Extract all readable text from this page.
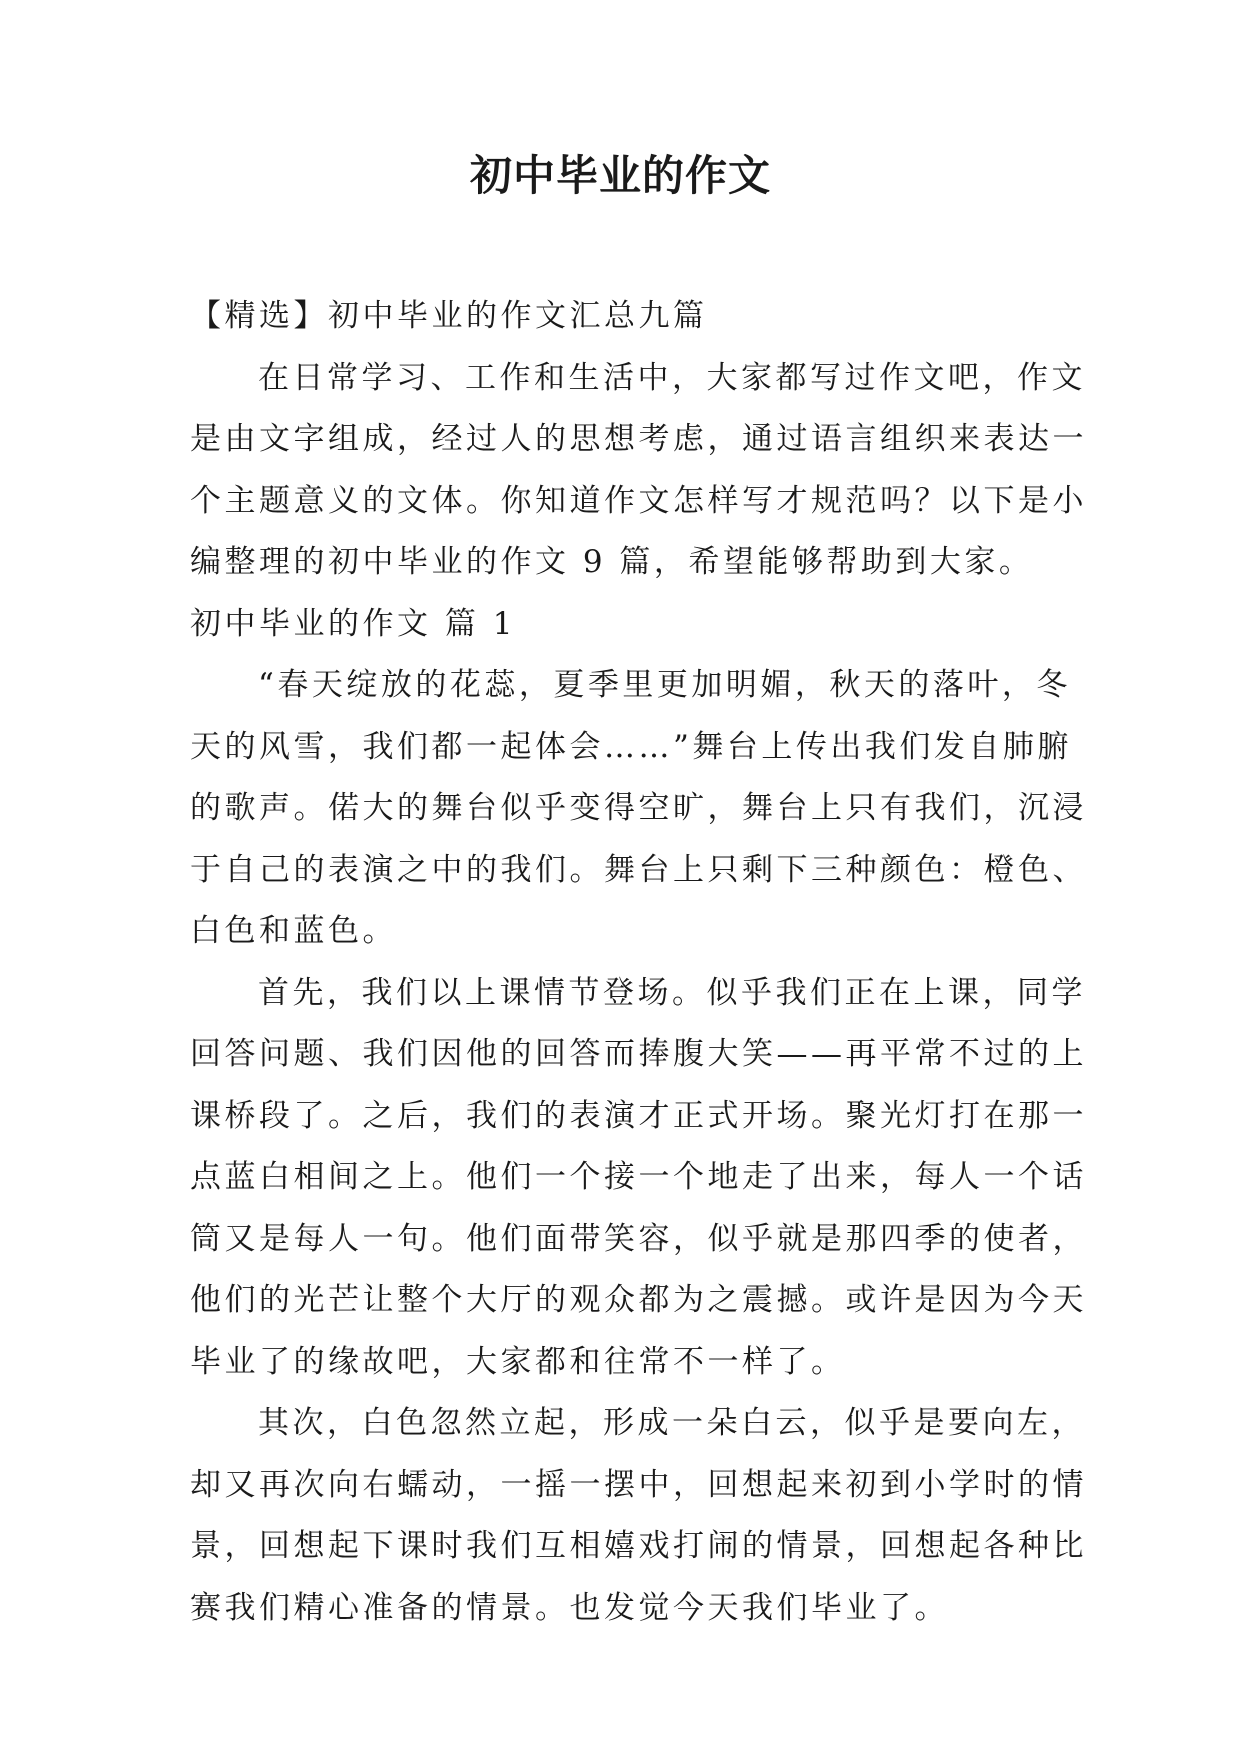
初中毕业的作文
【精选】初中毕业的作文汇总九篇
在日常学习、工作和生活中，大家都写过作文吧，作文
是由文字组成，经过人的思想考虑，通过语言组织来表达一
个主题意义的文体。你知道作文怎样写才规范吗？以下是小
编整理的初中毕业的作文 9 篇，希望能够帮助到大家。
初中毕业的作文 篇 1
“春天绽放的花蕊，夏季里更加明媚，秋天的落叶，冬
天的风雪，我们都一起体会……”舞台上传出我们发自肺腑
的歌声。偌大的舞台似乎变得空旷，舞台上只有我们，沉浸
于自己的表演之中的我们。舞台上只剩下三种颜色：橙色、
白色和蓝色。
首先，我们以上课情节登场。似乎我们正在上课，同学
回答问题、我们因他的回答而捧腹大笑——再平常不过的上
课桥段了。之后，我们的表演才正式开场。聚光灯打在那一
点蓝白相间之上。他们一个接一个地走了出来，每人一个话
筒又是每人一句。他们面带笑容，似乎就是那四季的使者，
他们的光芒让整个大厅的观众都为之震撼。或许是因为今天
毕业了的缘故吧，大家都和往常不一样了。
其次，白色忽然立起，形成一朵白云，似乎是要向左，
却又再次向右蠕动，一摇一摆中，回想起来初到小学时的情
景，回想起下课时我们互相嬉戏打闹的情景，回想起各种比
赛我们精心准备的情景。也发觉今天我们毕业了。
